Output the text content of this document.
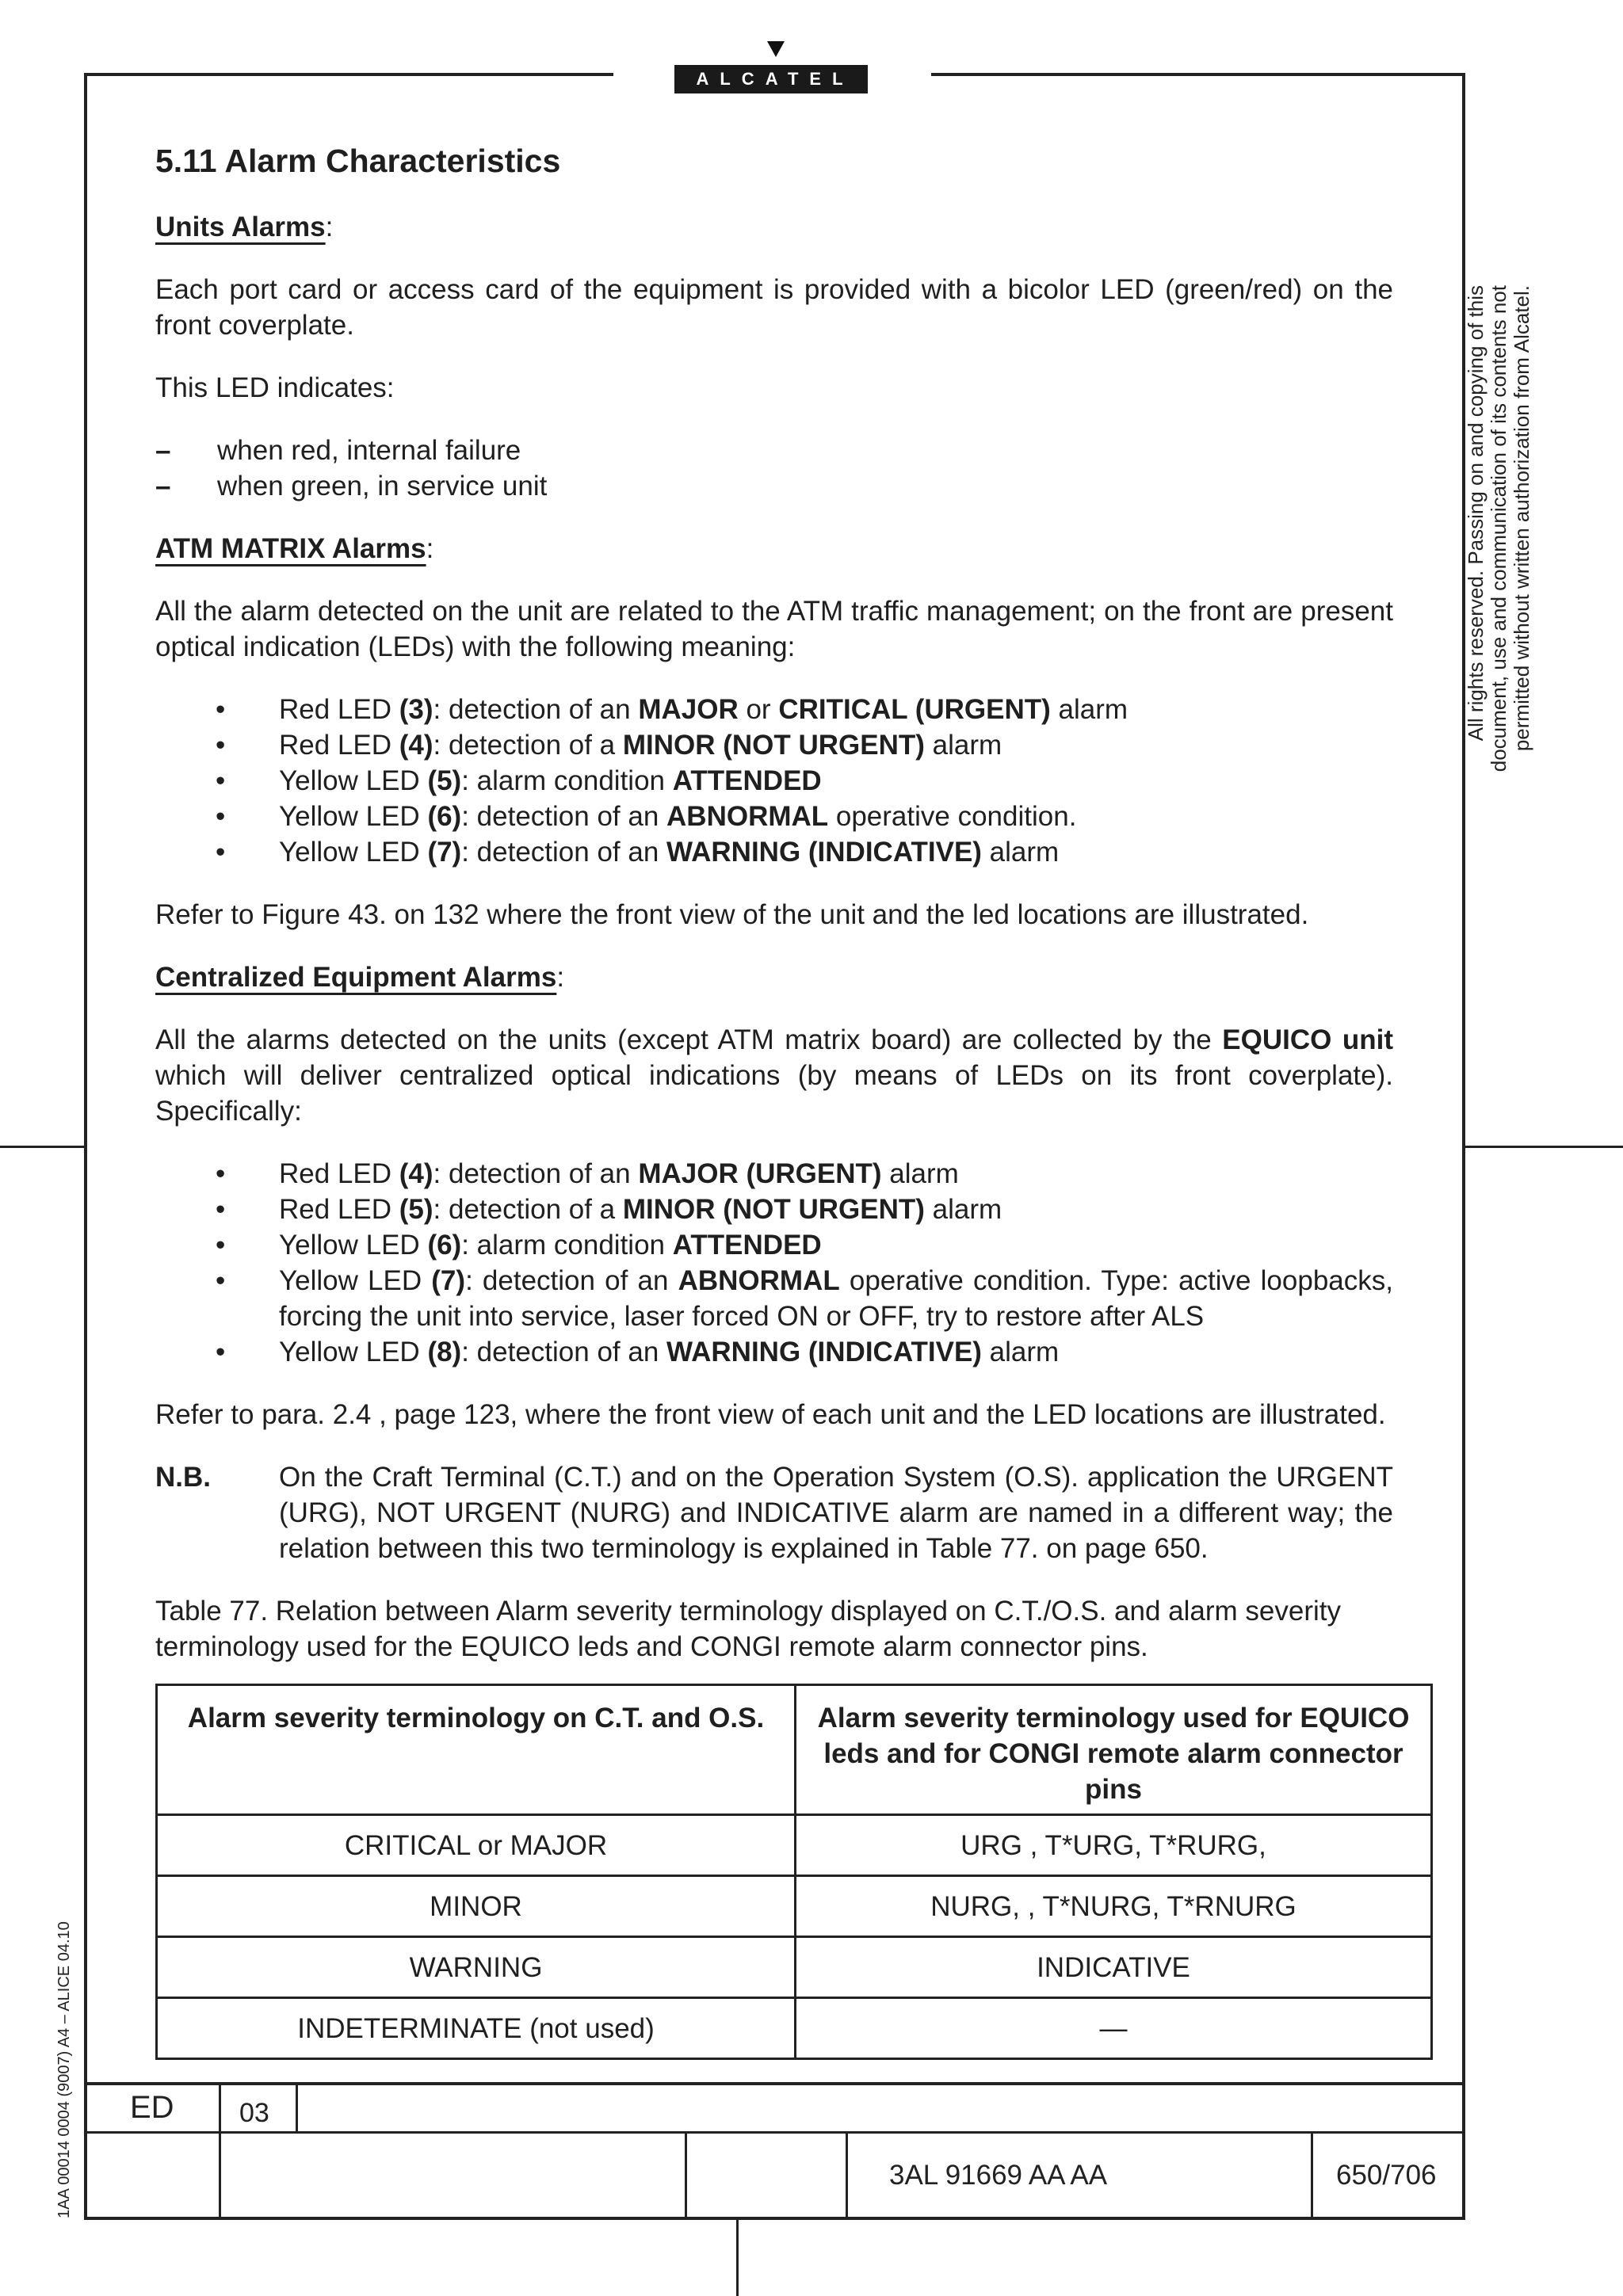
ALCATEL
All rights reserved. Passing on and copying of this document, use and communication of its contents not permitted without written authorization from Alcatel.
1AA 00014 0004 (9007) A4 – ALICE 04.10
5.11 Alarm Characteristics
Units Alarms:

Each port card or access card of the equipment is provided with a bicolor LED (green/red) on the front coverplate.

This LED indicates:

– when red, internal failure
– when green, in service unit
ATM MATRIX Alarms:

All the alarm detected on the unit are related to the ATM traffic management; on the front are present optical indication (LEDs) with the following meaning:

• Red LED (3): detection of an MAJOR or CRITICAL (URGENT) alarm
• Red LED (4): detection of a MINOR (NOT URGENT) alarm
• Yellow LED (5): alarm condition ATTENDED
• Yellow LED (6): detection of an ABNORMAL operative condition.
• Yellow LED (7): detection of an WARNING (INDICATIVE) alarm

Refer to Figure 43. on 132 where the front view of the unit and the led locations are illustrated.

Centralized Equipment Alarms:

All the alarms detected on the units (except ATM matrix board) are collected by the EQUICO unit which will deliver centralized optical indications (by means of LEDs on its front coverplate). Specifically:

• Red LED (4): detection of an MAJOR (URGENT) alarm
• Red LED (5): detection of a MINOR (NOT URGENT) alarm
• Yellow LED (6): alarm condition ATTENDED
• Yellow LED (7): detection of an ABNORMAL operative condition. Type: active loopbacks, forcing the unit into service, laser forced ON or OFF, try to restore after ALS
• Yellow LED (8): detection of an WARNING (INDICATIVE) alarm

Refer to para. 2.4 , page 123, where the front view of each unit and the LED locations are illustrated.

N.B.	On the Craft Terminal (C.T.) and on the Operation System (O.S). application the URGENT (URG), NOT URGENT (NURG) and INDICATIVE alarm are named in a different way; the relation between this two terminology is explained in Table 77. on page 650.

Table 77. Relation between Alarm severity terminology displayed on C.T./O.S. and alarm severity terminology used for the EQUICO leds and CONGI remote alarm connector pins.

Alarm severity terminology on C.T. and O.S.	Alarm severity terminology used for EQUICO leds and for CONGI remote alarm connector pins
CRITICAL or MAJOR	URG , T*URG, T*RURG,
MINOR	NURG, , T*NURG, T*RNURG
WARNING	INDICATIVE
INDETERMINATE (not used)	—
ED 03
3AL 91669 AA AA	650/706
